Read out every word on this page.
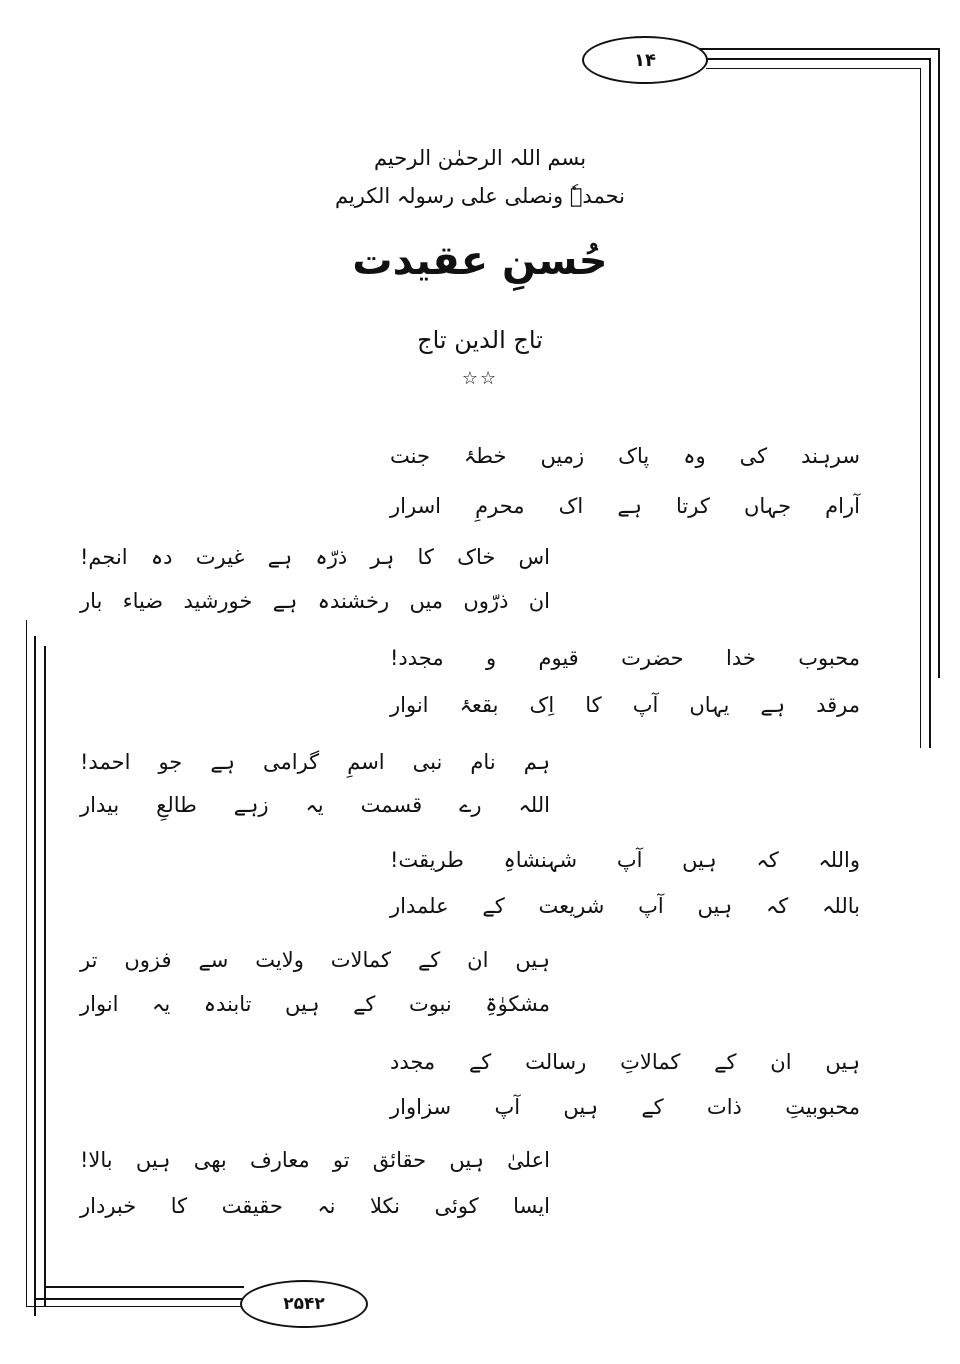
۱۴
۲۵۴۲
بسم اللہ الرحمٰن الرحیم
نحمدہٗ ونصلی علی رسولہ الکریم
حُسنِ عقیدت
تاج الدین تاج
☆☆
سرہند کی وہ پاک زمیں خطۂ جنت
آرام جہاں کرتا ہے اک محرمِ اسرار
اس خاک کا ہر ذرّہ ہے غیرت دہ انجم!
ان ذرّوں میں رخشندہ ہے خورشید ضیاء بار
محبوب خدا حضرت قیوم و مجدد!
مرقد ہے یہاں آپ کا اِک بقعۂ انوار
ہم نام نبی اسمِ گرامی ہے جو احمد!
اللہ رے قسمت یہ زہے طالعِ بیدار
واللہ کہ ہیں آپ شہنشاہِ طریقت!
باللہ کہ ہیں آپ شریعت کے علمدار
ہیں ان کے کمالات ولایت سے فزوں تر
مشکوٰۃِ نبوت کے ہیں تابندہ یہ انوار
ہیں ان کے کمالاتِ رسالت کے مجدد
محبوبیتِ ذات کے ہیں آپ سزاوار
اعلیٰ ہیں حقائق تو معارف بھی ہیں بالا!
ایسا کوئی نکلا نہ حقیقت کا خبردار
